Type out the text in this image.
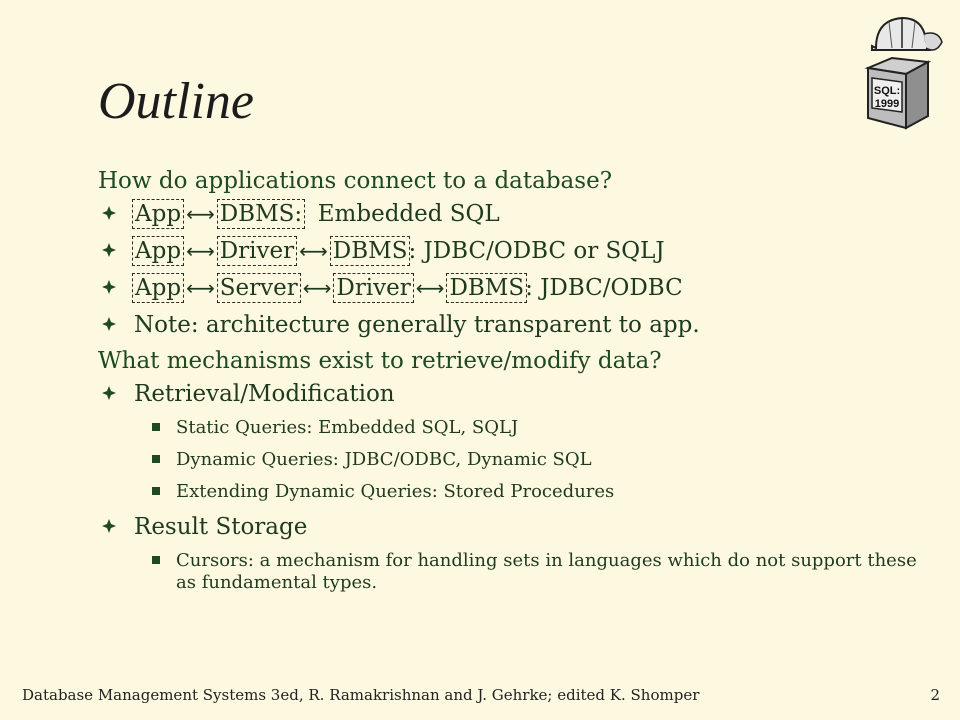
Outline	SQL:
1999
How do applications connect to a database?
App ⟷ DBMS: Embedded SQL
App ⟷ Driver ⟷ DBMS: JDBC/ODBC or SQLJ
App ⟷ Server ⟷ Driver ⟷ DBMS: JDBC/ODBC
Note: architecture generally transparent to app.
What mechanisms exist to retrieve/modify data?
Retrieval/Modification
Static Queries: Embedded SQL, SQLJ
Dynamic Queries: JDBC/ODBC, Dynamic SQL
Extending Dynamic Queries: Stored Procedures
Result Storage
Cursors: a mechanism for handling sets in languages which do not support these as fundamental types.
Database Management Systems 3ed, R. Ramakrishnan and J. Gehrke; edited K. Shomper	2
